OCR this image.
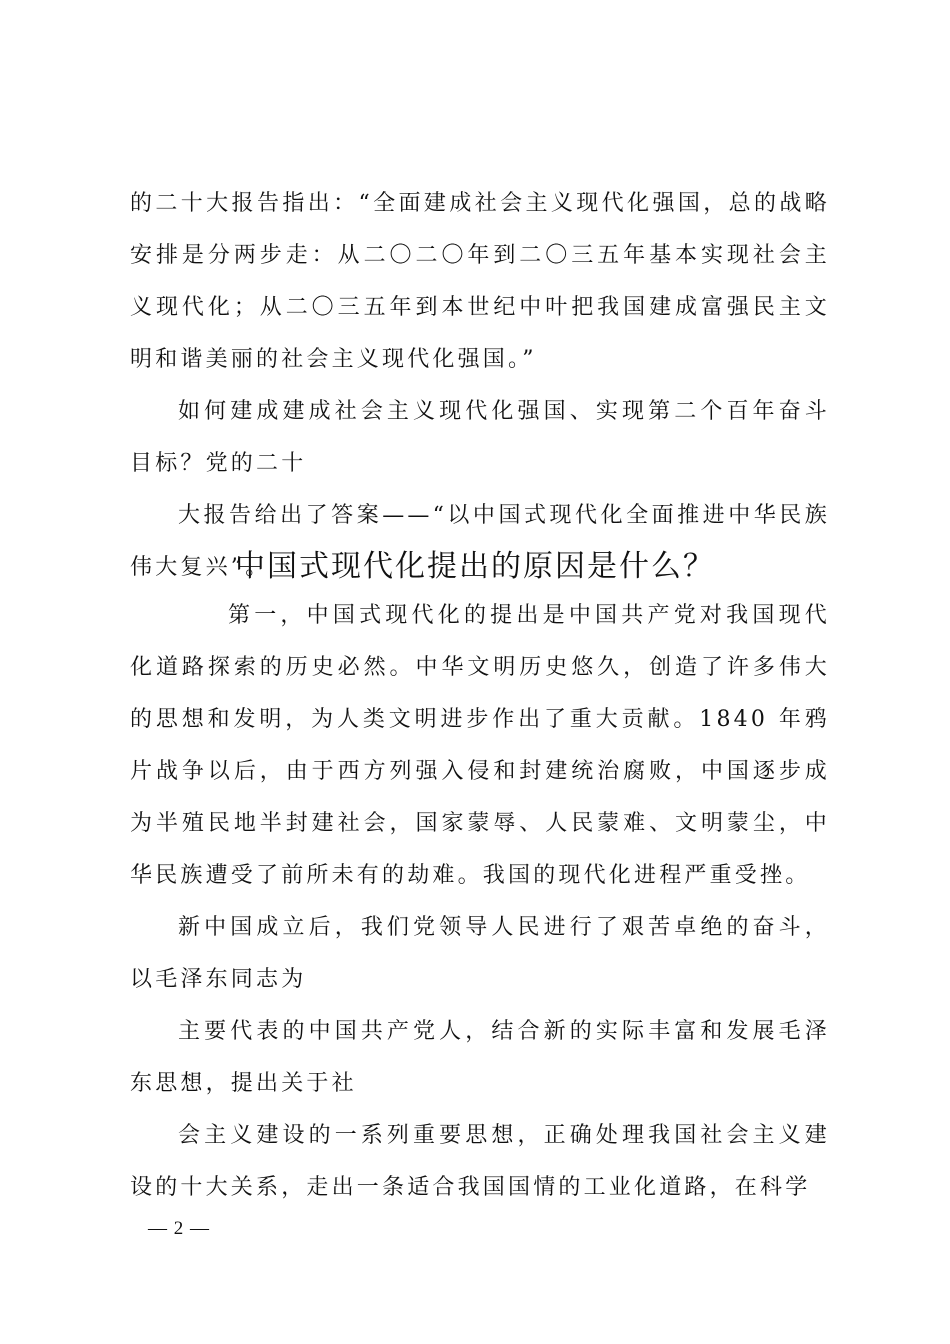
的二十大报告指出：“全面建成社会主义现代化强国，总的战略安排是分两步走：从二〇二〇年到二〇三五年基本实现社会主义现代化；从二〇三五年到本世纪中叶把我国建成富强民主文明和谐美丽的社会主义现代化强国。”

如何建成建成社会主义现代化强国、实现第二个百年奋斗目标？党的二十

大报告给出了答案——“以中国式现代化全面推进中华民族伟大复兴”。

中国式现代化提出的原因是什么？

第一，中国式现代化的提出是中国共产党对我国现代化道路探索的历史必然。中华文明历史悠久，创造了许多伟大的思想和发明，为人类文明进步作出了重大贡献。1840 年鸦片战争以后，由于西方列强入侵和封建统治腐败，中国逐步成为半殖民地半封建社会，国家蒙辱、人民蒙难、文明蒙尘，中华民族遭受了前所未有的劫难。我国的现代化进程严重受挫。

新中国成立后，我们党领导人民进行了艰苦卓绝的奋斗，以毛泽东同志为

主要代表的中国共产党人，结合新的实际丰富和发展毛泽东思想，提出关于社

会主义建设的一系列重要思想，正确处理我国社会主义建设的十大关系，走出一条适合我国国情的工业化道路，在科学

— 2 —
